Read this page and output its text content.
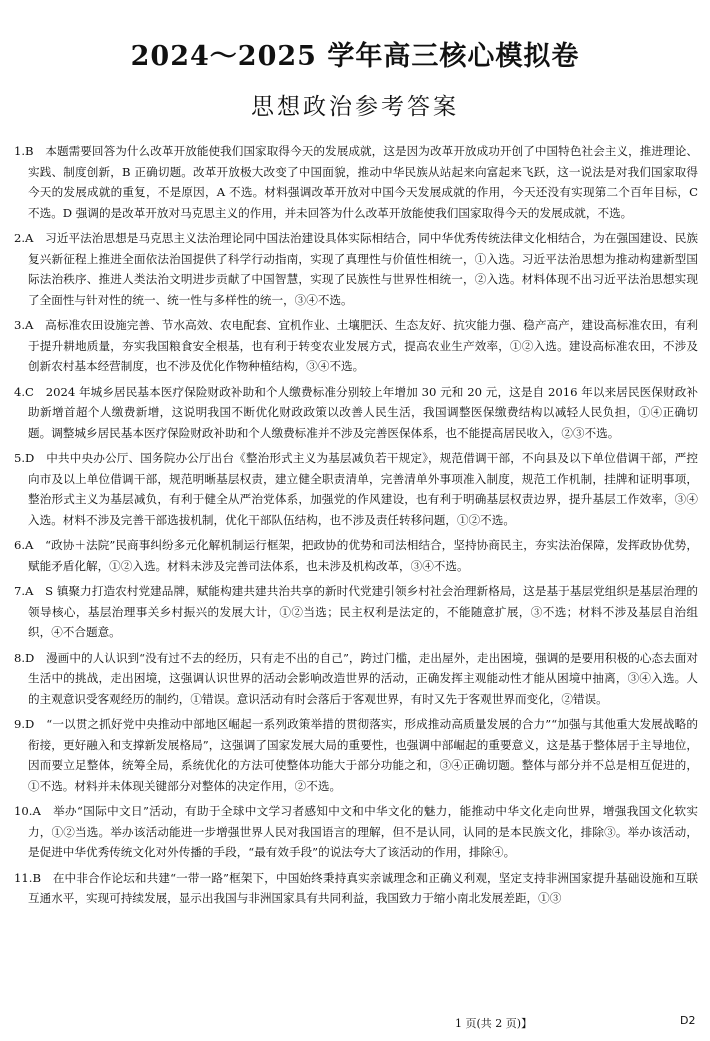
2024～2025 学年高三核心模拟卷
思想政治参考答案

1.B　 本题需要回答为什么改革开放能使我们国家取得今天的发展成就，这是因为改革开放成功开创了中国特色社会主义，推进理论、实践、制度创新，B 正确切题。改革开放极大改变了中国面貌，推动中华民族从站起来向富起来飞跃，这一说法是对我们国家取得今天的发展成就的重复，不是原因，A 不选。材料强调改革开放对中国今天发展成就的作用，今天还没有实现第二个百年目标，C 不选。D 强调的是改革开放对马克思主义的作用，并未回答为什么改革开放能使我们国家取得今天的发展成就，不选。

2.A　 习近平法治思想是马克思主义法治理论同中国法治建设具体实际相结合，同中华优秀传统法律文化相结合，为在强国建设、民族复兴新征程上推进全面依法治国提供了科学行动指南，实现了真理性与价值性相统一，①入选。习近平法治思想为推动构建新型国际法治秩序、推进人类法治文明进步贡献了中国智慧，实现了民族性与世界性相统一，②入选。材料体现不出习近平法治思想实现了全面性与针对性的统一、统一性与多样性的统一，③④不选。

3.A　 高标准农田设施完善、节水高效、农电配套、宜机作业、土壤肥沃、生态友好、抗灾能力强、稳产高产，建设高标准农田，有利于提升耕地质量，夯实我国粮食安全根基，也有利于转变农业发展方式，提高农业生产效率，①②入选。建设高标准农田，不涉及创新农村基本经营制度，也不涉及优化作物种植结构，③④不选。

4.C　 2024 年城乡居民基本医疗保险财政补助和个人缴费标准分别较上年增加 30 元和 20 元，这是自 2016 年以来居民医保财政补助新增首超个人缴费新增，这说明我国不断优化财政政策以改善人民生活，我国调整医保缴费结构以减轻人民负担，①④正确切题。调整城乡居民基本医疗保险财政补助和个人缴费标准并不涉及完善医保体系，也不能提高居民收入，②③不选。

5.D　 中共中央办公厅、国务院办公厅出台《整治形式主义为基层减负若干规定》，规范借调干部，不向县及以下单位借调干部，严控向市及以上单位借调干部，规范明晰基层权责，建立健全职责清单，完善清单外事项准入制度，规范工作机制，挂牌和证明事项，整治形式主义为基层减负，有利于健全从严治党体系，加强党的作风建设，也有利于明确基层权责边界，提升基层工作效率，③④入选。材料不涉及完善干部选拔机制，优化干部队伍结构，也不涉及责任转移问题，①②不选。

6.A　 “政协＋法院”民商事纠纷多元化解机制运行框架，把政协的优势和司法相结合，坚持协商民主，夯实法治保障，发挥政协优势，赋能矛盾化解，①②入选。材料未涉及完善司法体系，也未涉及机构改革，③④不选。

7.A　 S 镇聚力打造农村党建品牌，赋能构建共建共治共享的新时代党建引领乡村社会治理新格局，这是基于基层党组织是基层治理的领导核心，基层治理事关乡村振兴的发展大计，①②当选；民主权利是法定的，不能随意扩展，③不选；材料不涉及基层自治组织，④不合题意。

8.D　 漫画中的人认识到“没有过不去的经历，只有走不出的自己”，跨过门槛，走出屋外，走出困境，强调的是要用积极的心态去面对生活中的挑战，走出困境，这强调认识世界的活动会影响改造世界的活动，正确发挥主观能动性才能从困境中抽离，③④入选。人的主观意识受客观经历的制约，①错误。意识活动有时会落后于客观世界，有时又先于客观世界而变化，②错误。

9.D　 “一以贯之抓好党中央推动中部地区崛起一系列政策举措的贯彻落实，形成推动高质量发展的合力”“加强与其他重大发展战略的衔接，更好融入和支撑新发展格局”，这强调了国家发展大局的重要性，也强调中部崛起的重要意义，这是基于整体居于主导地位，因而要立足整体，统筹全局，系统优化的方法可使整体功能大于部分功能之和，③④正确切题。整体与部分并不总是相互促进的，①不选。材料并未体现关键部分对整体的决定作用，②不选。

10.A　 举办“国际中文日”活动，有助于全球中文学习者感知中文和中华文化的魅力，能推动中华文化走向世界，增强我国文化软实力，①②当选。举办该活动能进一步增强世界人民对我国语言的理解，但不是认同，认同的是本民族文化，排除③。举办该活动，是促进中华优秀传统文化对外传播的手段，“最有效手段”的说法夸大了该活动的作用，排除④。

11.B　 在中非合作论坛和共建“一带一路”框架下，中国始终秉持真实亲诚理念和正确义利观，坚定支持非洲国家提升基础设施和互联互通水平，实现可持续发展，显示出我国与非洲国家具有共同利益，我国致力于缩小南北发展差距，①③

1 页(共 2 页)】	D2
